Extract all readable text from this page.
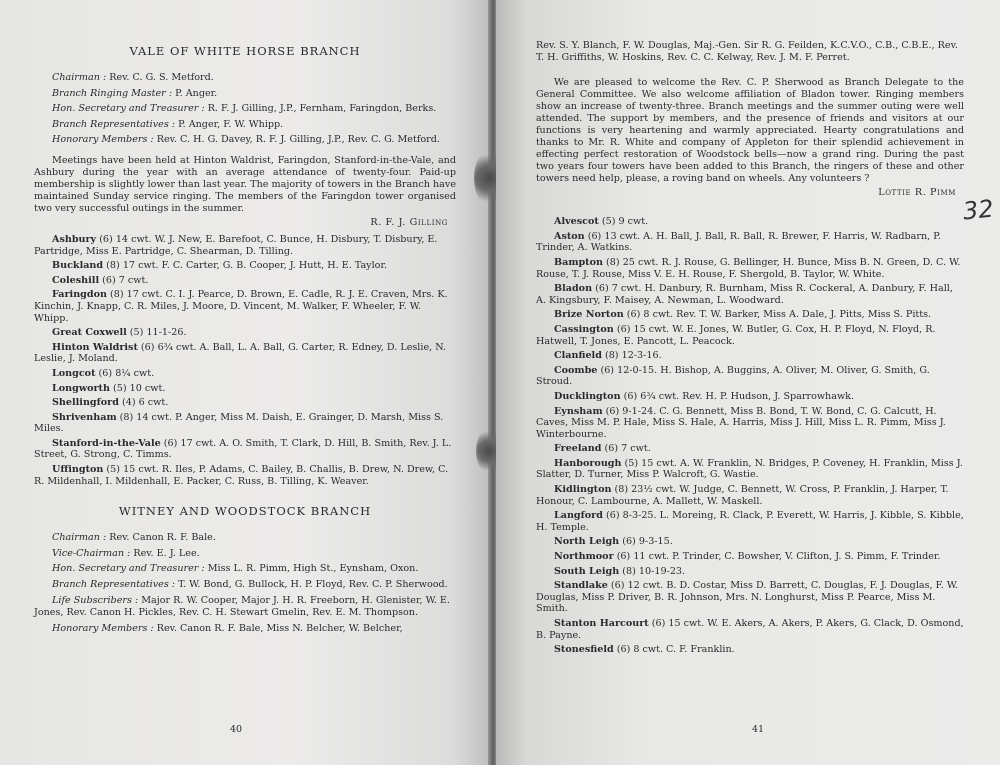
VALE OF WHITE HORSE BRANCH
Chairman : Rev. C. G. S. Metford.
Branch Ringing Master : P. Anger.
Hon. Secretary and Treasurer : R. F. J. Gilling, J.P., Fernham, Faringdon, Berks.
Branch Representatives : P. Anger, F. W. Whipp.
Honorary Members : Rev. C. H. G. Davey, R. F. J. Gilling, J.P., Rev. C. G. Metford.
Meetings have been held at Hinton Waldrist, Faringdon, Stanford-in-the-Vale, and Ashbury during the year with an average attendance of twenty-four. Paid-up membership is slightly lower than last year. The majority of towers in the Branch have maintained Sunday service ringing. The members of the Faringdon tower organised two very successful outings in the summer.
R. F. J. Gilling
Ashbury (6) 14 cwt. W. J. New, E. Barefoot, C. Bunce, H. Disbury, T. Disbury, E. Partridge, Miss E. Partridge, C. Shearman, D. Tilling.
Buckland (8) 17 cwt. F. C. Carter, G. B. Cooper, J. Hutt, H. E. Taylor.
Coleshill (6) 7 cwt.
Faringdon (8) 17 cwt. C. I. J. Pearce, D. Brown, E. Cadle, R. J. E. Craven, Mrs. K. Kinchin, J. Knapp, C. R. Miles, J. Moore, D. Vincent, M. Walker, F. Wheeler, F. W. Whipp.
Great Coxwell (5) 11-1-26.
Hinton Waldrist (6) 6¾ cwt. A. Ball, L. A. Ball, G. Carter, R. Edney, D. Leslie, N. Leslie, J. Moland.
Longcot (6) 8¼ cwt.
Longworth (5) 10 cwt.
Shellingford (4) 6 cwt.
Shrivenham (8) 14 cwt. P. Anger, Miss M. Daish, E. Grainger, D. Marsh, Miss S. Miles.
Stanford-in-the-Vale (6) 17 cwt. A. O. Smith, T. Clark, D. Hill, B. Smith, Rev. J. L. Street, G. Strong, C. Timms.
Uffington (5) 15 cwt. R. Iles, P. Adams, C. Bailey, B. Challis, B. Drew, N. Drew, C. R. Mildenhall, I. Mildenhall, E. Packer, C. Russ, B. Tilling, K. Weaver.
WITNEY AND WOODSTOCK BRANCH
Chairman : Rev. Canon R. F. Bale.
Vice-Chairman : Rev. E. J. Lee.
Hon. Secretary and Treasurer : Miss L. R. Pimm, High St., Eynsham, Oxon.
Branch Representatives : T. W. Bond, G. Bullock, H. P. Floyd, Rev. C. P. Sherwood.
Life Subscribers : Major R. W. Cooper, Major J. H. R. Freeborn, H. Glenister, W. E. Jones, Rev. Canon H. Pickles, Rev. C. H. Stewart Gmelin, Rev. E. M. Thompson.
Honorary Members : Rev. Canon R. F. Bale, Miss N. Belcher, W. Belcher,
40
Rev. S. Y. Blanch, F. W. Douglas, Maj.-Gen. Sir R. G. Feilden, K.C.V.O., C.B., C.B.E., Rev. T. H. Griffiths, W. Hoskins, Rev. C. C. Kelway, Rev. J. M. F. Perret.
We are pleased to welcome the Rev. C. P. Sherwood as Branch Delegate to the General Committee. We also welcome affiliation of Bladon tower. Ringing members show an increase of twenty-three. Branch meetings and the summer outing were well attended. The support by members, and the presence of friends and visitors at our functions is very heartening and warmly appreciated. Hearty congratulations and thanks to Mr. R. White and company of Appleton for their splendid achievement in effecting perfect restoration of Woodstock bells—now a grand ring. During the past two years four towers have been added to this Branch, the ringers of these and other towers need help, please, a roving band on wheels. Any volunteers ?
Lottie R. Pimm
Alvescot (5) 9 cwt.
Aston (6) 13 cwt. A. H. Ball, J. Ball, R. Ball, R. Brewer, F. Harris, W. Radbarn, P. Trinder, A. Watkins.
Bampton (8) 25 cwt. R. J. Rouse, G. Bellinger, H. Bunce, Miss B. N. Green, D. C. W. Rouse, T. J. Rouse, Miss V. E. H. Rouse, F. Shergold, B. Taylor, W. White.
Bladon (6) 7 cwt. H. Danbury, R. Burnham, Miss R. Cockeral, A. Danbury, F. Hall, A. Kingsbury, F. Maisey, A. Newman, L. Woodward.
Brize Norton (6) 8 cwt. Rev. T. W. Barker, Miss A. Dale, J. Pitts, Miss S. Pitts.
Cassington (6) 15 cwt. W. E. Jones, W. Butler, G. Cox, H. P. Floyd, N. Floyd, R. Hatwell, T. Jones, E. Pancott, L. Peacock.
Clanfield (8) 12-3-16.
Coombe (6) 12-0-15. H. Bishop, A. Buggins, A. Oliver, M. Oliver, G. Smith, G. Stroud.
Ducklington (6) 6¾ cwt. Rev. H. P. Hudson, J. Sparrowhawk.
Eynsham (6) 9-1-24. C. G. Bennett, Miss B. Bond, T. W. Bond, C. G. Calcutt, H. Caves, Miss M. P. Hale, Miss S. Hale, A. Harris, Miss J. Hill, Miss L. R. Pimm, Miss J. Winterbourne.
Freeland (6) 7 cwt.
Hanborough (5) 15 cwt. A. W. Franklin, N. Bridges, P. Coveney, H. Franklin, Miss J. Slatter, D. Turner, Miss P. Walcroft, G. Wastie.
Kidlington (8) 23½ cwt. W. Judge, C. Bennett, W. Cross, P. Franklin, J. Harper, T. Honour, C. Lambourne, A. Mallett, W. Maskell.
Langford (6) 8-3-25. L. Moreing, R. Clack, P. Everett, W. Harris, J. Kibble, S. Kibble, H. Temple.
North Leigh (6) 9-3-15.
Northmoor (6) 11 cwt. P. Trinder, C. Bowsher, V. Clifton, J. S. Pimm, F. Trinder.
South Leigh (8) 10-19-23.
Standlake (6) 12 cwt. B. D. Costar, Miss D. Barrett, C. Douglas, F. J. Douglas, F. W. Douglas, Miss P. Driver, B. R. Johnson, Mrs. N. Longhurst, Miss P. Pearce, Miss M. Smith.
Stanton Harcourt (6) 15 cwt. W. E. Akers, A. Akers, P. Akers, G. Clack, D. Osmond, B. Payne.
Stonesfield (6) 8 cwt. C. F. Franklin.
41
32
